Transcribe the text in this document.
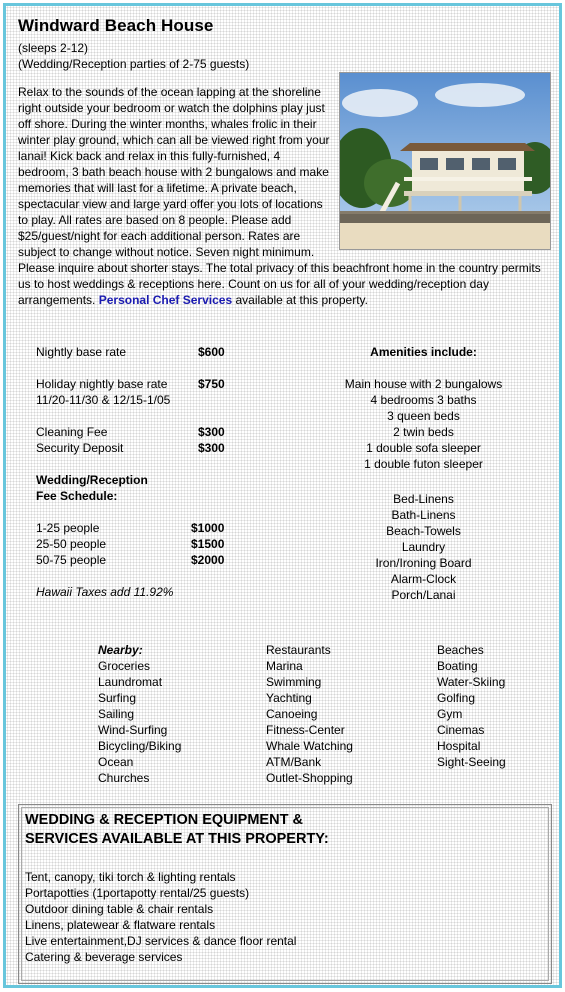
Windward Beach House
(sleeps 2-12)
(Wedding/Reception parties of 2-75 guests)
Relax to the sounds of the ocean lapping at the shoreline right outside your bedroom or watch the dolphins play just off shore. During the winter months, whales frolic in their winter play ground, which can all be viewed right from your lanai! Kick back and relax in this fully-furnished, 4 bedroom, 3 bath beach house with 2 bungalows and make memories that will last for a lifetime. A private beach, spectacular view and large yard offer you lots of locations to play. All rates are based on 8 people. Please add $25/guest/night for each additional person. Rates are subject to change without notice. Seven night minimum. Please inquire about shorter stays. The total privacy of this beachfront home in the country permits us to host weddings & receptions here. Count on us for all of your wedding/reception day arrangements. Personal Chef Services available at this property.
Nightly base rate	$600
Holiday nightly base rate	$750
11/20-11/30 & 12/15-1/05
Cleaning Fee	$300
Security Deposit	$300
Wedding/Reception
Fee Schedule:
1-25 people	$1000
25-50 people	$1500
50-75 people	$2000
Hawaii Taxes add 11.92%
Amenities include:
Main house with 2 bungalows
4 bedrooms 3 baths
3 queen beds
2 twin beds
1 double sofa sleeper
1 double futon sleeper
Bed-Linens
Bath-Linens
Beach-Towels
Laundry
Iron/Ironing Board
Alarm-Clock
Porch/Lanai
Nearby:
Groceries
Laundromat
Surfing
Sailing
Wind-Surfing
Bicycling/Biking
Ocean
Churches
Restaurants
Marina
Swimming
Yachting
Canoeing
Fitness-Center
Whale Watching
ATM/Bank
Outlet-Shopping
Beaches
Boating
Water-Skiing
Golfing
Gym
Cinemas
Hospital
Sight-Seeing
WEDDING & RECEPTION EQUIPMENT &
SERVICES AVAILABLE AT THIS PROPERTY:
Tent, canopy, tiki torch & lighting rentals
Portapotties (1portapotty rental/25 guests)
Outdoor dining table & chair rentals
Linens, platewear & flatware rentals
Live entertainment,DJ services & dance floor rental
Catering & beverage services
